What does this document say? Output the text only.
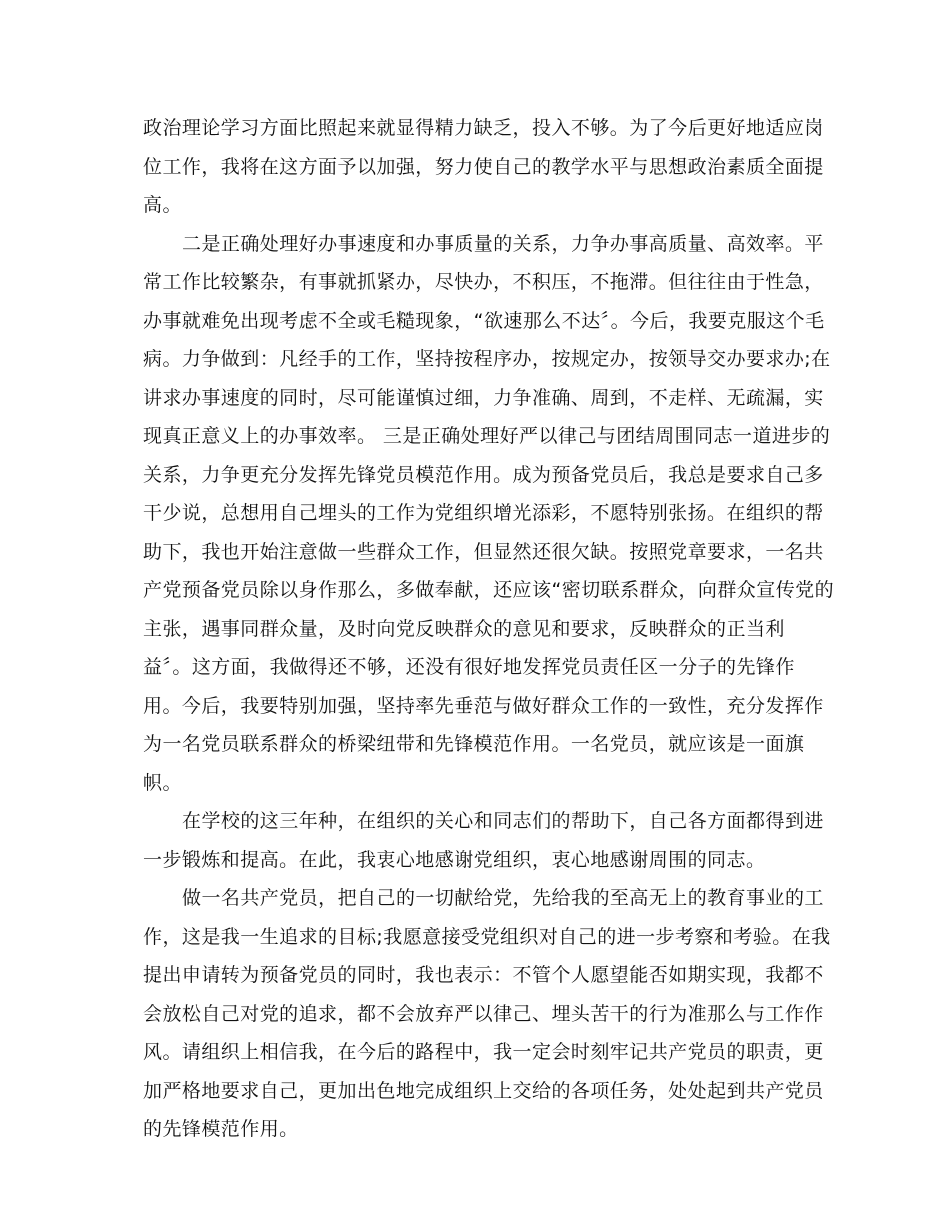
政治理论学习方面比照起来就显得精力缺乏，投入不够。为了今后更好地适应岗

位工作，我将在这方面予以加强，努力使自己的教学水平与思想政治素质全面提

高。

二是正确处理好办事速度和办事质量的关系，力争办事高质量、高效率。平

常工作比较繁杂，有事就抓紧办，尽快办，不积压，不拖滞。但往往由于性急，

办事就难免出现考虑不全或毛糙现象，“欲速那么不达〞。今后，我要克服这个毛

病。力争做到：凡经手的工作，坚持按程序办，按规定办，按领导交办要求办;在

讲求办事速度的同时，尽可能谨慎过细，力争准确、周到，不走样、无疏漏，实

现真正意义上的办事效率。 三是正确处理好严以律己与团结周围同志一道进步的

关系，力争更充分发挥先锋党员模范作用。成为预备党员后，我总是要求自己多

干少说，总想用自己埋头的工作为党组织增光添彩，不愿特别张扬。在组织的帮

助下，我也开始注意做一些群众工作，但显然还很欠缺。按照党章要求，一名共

产党预备党员除以身作那么，多做奉献，还应该“密切联系群众，向群众宣传党的

主张，遇事同群众量，及时向党反映群众的意见和要求，反映群众的正当利

益〞。这方面，我做得还不够，还没有很好地发挥党员责任区一分子的先锋作

用。今后，我要特别加强，坚持率先垂范与做好群众工作的一致性，充分发挥作

为一名党员联系群众的桥梁纽带和先锋模范作用。一名党员，就应该是一面旗

帜。

在学校的这三年种，在组织的关心和同志们的帮助下，自己各方面都得到进

一步锻炼和提高。在此，我衷心地感谢党组织，衷心地感谢周围的同志。

做一名共产党员，把自己的一切献给党，先给我的至高无上的教育事业的工

作，这是我一生追求的目标;我愿意接受党组织对自己的进一步考察和考验。在我

提出申请转为预备党员的同时，我也表示：不管个人愿望能否如期实现，我都不

会放松自己对党的追求，都不会放弃严以律己、埋头苦干的行为准那么与工作作

风。请组织上相信我，在今后的路程中，我一定会时刻牢记共产党员的职责，更

加严格地要求自己，更加出色地完成组织上交给的各项任务，处处起到共产党员

的先锋模范作用。
